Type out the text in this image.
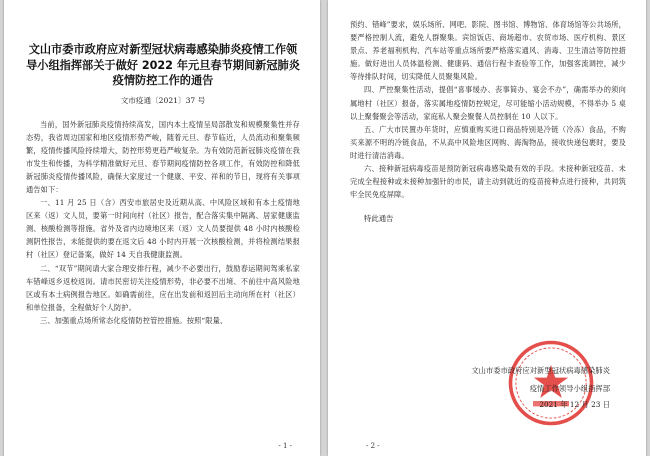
文山市委市政府应对新型冠状病毒感染肺炎疫情工作领导小组指挥部关于做好 2022 年元旦春节期间新冠肺炎疫情防控工作的通告
文市疫通〔2021〕37 号

当前，国外新冠肺炎疫情持续高发，国内本土疫情呈局部散发和规模聚集性并存态势，我省周边国家和地区疫情形势严峻，随着元旦、春节临近，人员流动和聚集频繁，疫情传播风险持续增大，防控形势更趋严峻复杂。为有效防范新冠肺炎疫情在我市发生和传播，为科学精准做好元旦、春节期间疫情防控各项工作，有效防控和降低新冠肺炎疫情传播风险，确保大家度过一个健康、平安、祥和的节日，现将有关事项通告如下：

一、11 月 25 日（含）西安市旅居史及近期从高、中风险区域和有本土疫情地区来（返）文人员，要第一时间向村（社区）报告，配合落实集中隔离、居家健康监测、核酸检测等措施。省外及省内边境地区来（返）文人员要提供 48 小时内核酸检测阴性报告，未能提供的要在返文后 48 小时内开展一次核酸检测，并将检测结果报村（社区）登记备案，做好 14 天自我健康监测。

二、“双节”期间请大家合理安排行程，减少不必要出行，鼓励春运期间驾乘私家车错峰返乡返校返岗。请市民密切关注疫情形势，非必要不出境、不前往中高风险地区或有本土病例报告地区。如确需前往，应在出发前和返回后主动向所在村（社区）和单位报备，全程做好个人防护。

三、加强重点场所常态化疫情防控管控措施。按照“限量、

- 1 -

预约、错峰”要求，娱乐场所、网吧、影院、图书馆、博物馆、体育场馆等公共场所，要严格控制人流，避免人群聚集。宾馆饭店、商场超市、农贸市场、医疗机构、景区景点、养老福利机构、汽车站等重点场所要严格落实通风、消毒、卫生清洁等防控措施。做好进出人员体温检测、健康码、通信行程卡查验等工作，加强客流调控，减少等待排队时间，切实降低人员聚集风险。

四、严控聚集性活动，提倡“喜事缓办、丧事简办、宴会不办”，确需举办的须向属地村（社区）报备，落实属地疫情防控规定，尽可能缩小活动规模，不得举办 5 桌以上聚餐聚会等活动，家庭私人聚会聚餐人员控制在 10 人以下。

五、广大市民置办年货时，应慎重购买进口商品特别是冷链（冷冻）食品，不购买来源不明的冷链食品，不从高中风险地区网购、海淘物品，接收快递包裹时，要及时进行清洁消毒。

六、接种新冠病毒疫苗是预防新冠病毒感染最有效的手段。未接种新冠疫苗、未完成全程接种或未接种加强针的市民，请主动到就近的疫苗接种点进行接种，共同筑牢全民免疫屏障。

特此通告
文山市委市政府应对新型冠状病毒感染肺炎
疫情工作领导小组指挥部
2021 年 12 月 23 日
- 2 -
